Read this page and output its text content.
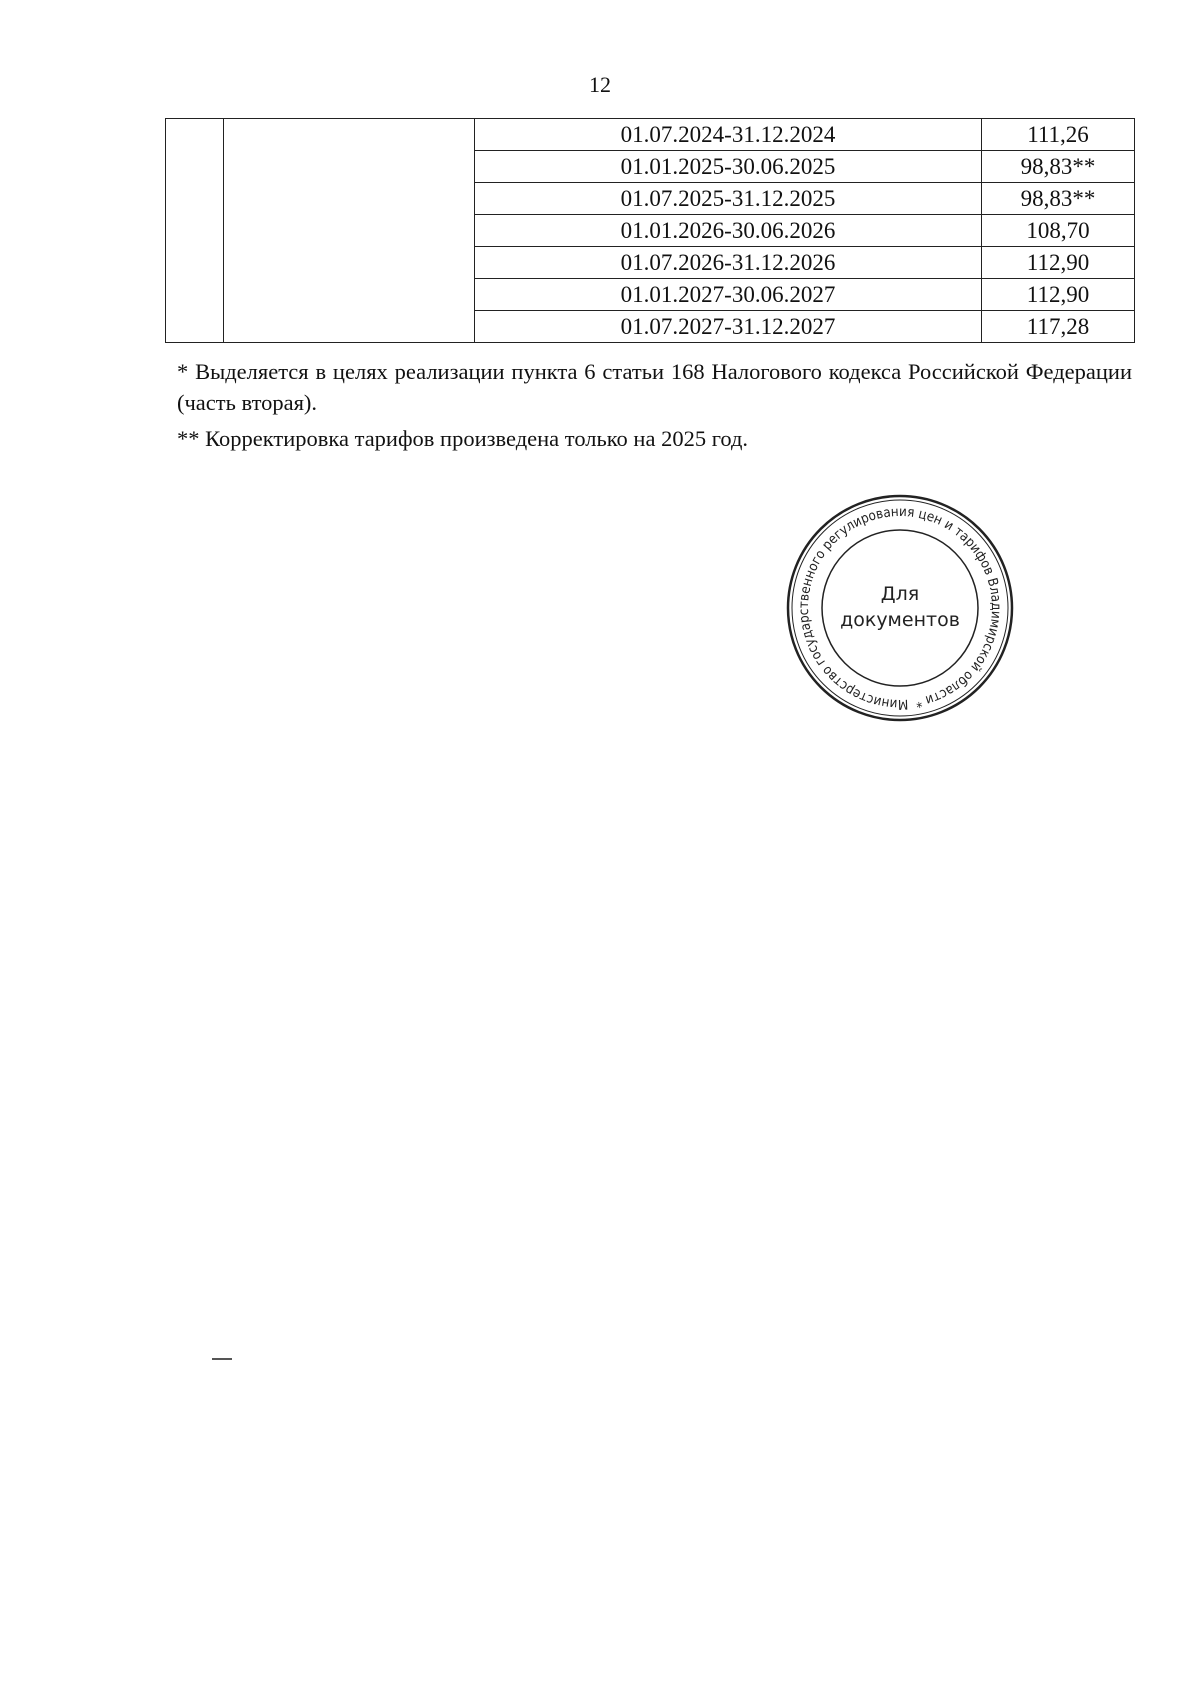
12
		01.07.2024-31.12.2024	111,26
		01.01.2025-30.06.2025	98,83**
		01.07.2025-31.12.2025	98,83**
		01.01.2026-30.06.2026	108,70
		01.07.2026-31.12.2026	112,90
		01.01.2027-30.06.2027	112,90
		01.07.2027-31.12.2027	117,28
* Выделяется в целях реализации пункта 6 статьи 168 Налогового кодекса Российской Федерации (часть вторая).
** Корректировка тарифов произведена только на 2025 год.
Министерство государственного регулирования цен и тарифов Владимирской области *
Для
документов
